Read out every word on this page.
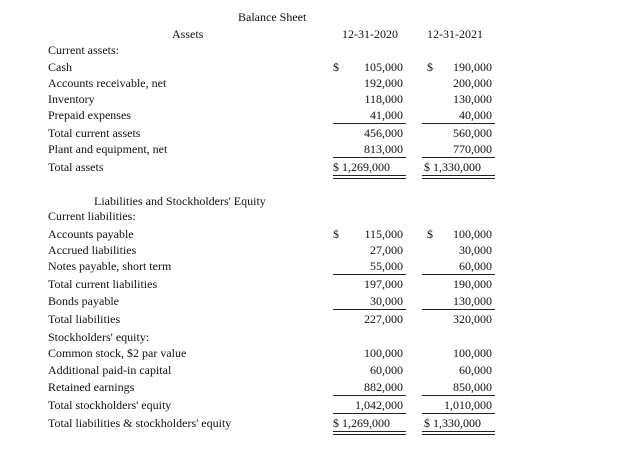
Balance Sheet
Assets	12-31-2020 12-31-2021
Current assets:
Cash	$	105,000 $	190,000
Accounts receivable, net	192,000	200,000
Inventory	118,000	130,000
Prepaid expenses	41,000	40,000
Total current assets	456,000	560,000
Plant and equipment, net	813,000	770,000
Total assets	$ 1,269,000	$ 1,330,000
Liabilities and Stockholders' Equity
Current liabilities:
Accounts payable	$	115,000 $	100,000
Accrued liabilities	27,000	30,000
Notes payable, short term	55,000	60,000
Total current liabilities	197,000	190,000
Bonds payable	30,000	130,000
Total liabilities	227,000	320,000
Stockholders' equity:
Common stock, $2 par value	100,000	100,000
Additional paid-in capital	60,000	60,000
Retained earnings	882,000	850,000
Total stockholders' equity	1,042,000	1,010,000
Total liabilities & stockholders' equity	$ 1,269,000	$ 1,330,000
